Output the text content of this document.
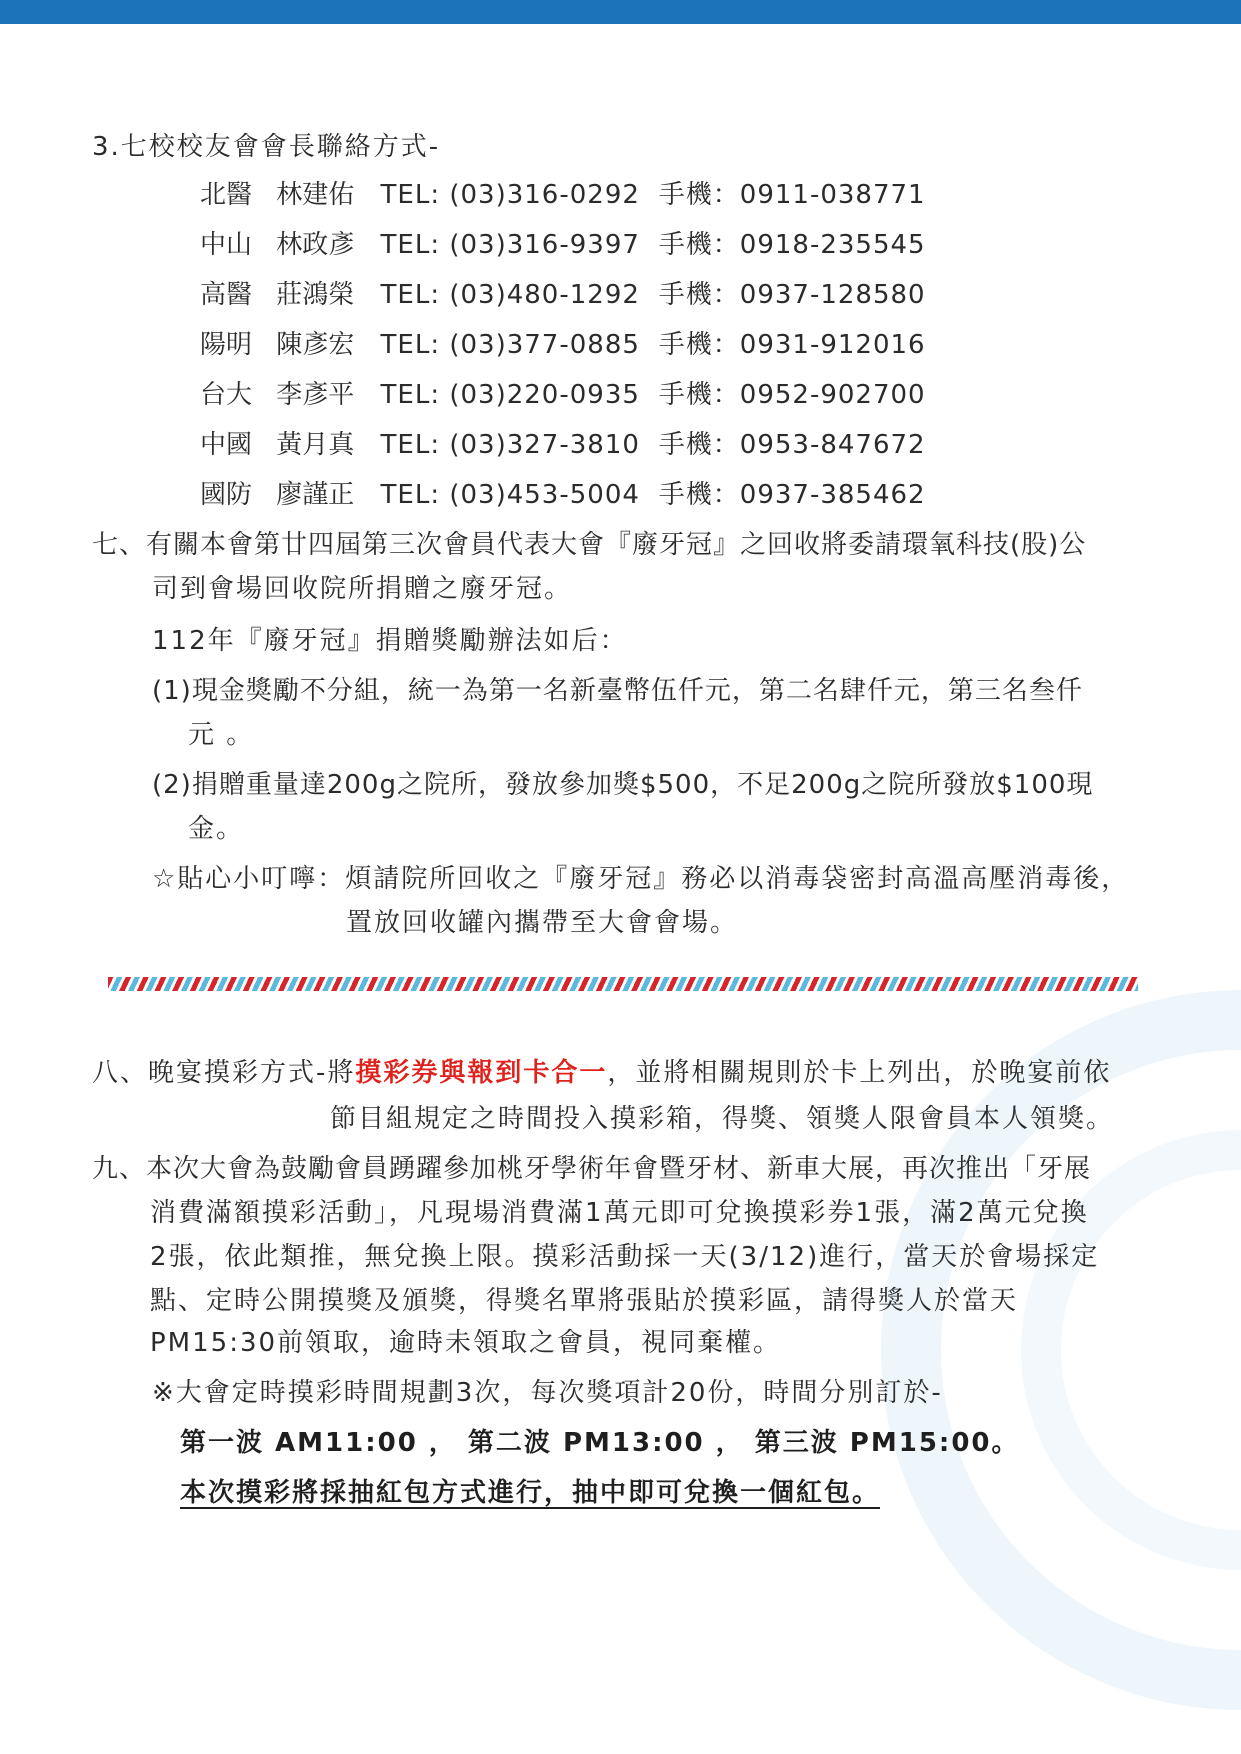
3.七校校友會會長聯絡方式-
北醫 林建佑 TEL: (03)316-0292 手機：0911-038771
中山 林政彥 TEL: (03)316-9397 手機：0918-235545
高醫 莊鴻榮 TEL: (03)480-1292 手機：0937-128580
陽明 陳彥宏 TEL: (03)377-0885 手機：0931-912016
台大 李彥平 TEL: (03)220-0935 手機：0952-902700
中國 黃月真 TEL: (03)327-3810 手機：0953-847672
國防 廖謹正 TEL: (03)453-5004 手機：0937-385462
七、有關本會第廿四屆第三次會員代表大會『廢牙冠』之回收將委請環氧科技(股)公
司到會場回收院所捐贈之廢牙冠。
112年『廢牙冠』捐贈獎勵辦法如后：
(1)現金獎勵不分組，統一為第一名新臺幣伍仟元，第二名肆仟元，第三名叁仟
元 。
(2)捐贈重量達200g之院所，發放參加獎$500，不足200g之院所發放$100現
金。
☆貼心小叮嚀：煩請院所回收之『廢牙冠』務必以消毒袋密封高溫高壓消毒後，
置放回收罐內攜帶至大會會場。
八、晚宴摸彩方式-將摸彩券與報到卡合一，並將相關規則於卡上列出，於晚宴前依
節目組規定之時間投入摸彩箱，得獎、領獎人限會員本人領獎。
九、本次大會為鼓勵會員踴躍參加桃牙學術年會暨牙材、新車大展，再次推出「牙展
消費滿額摸彩活動」，凡現場消費滿1萬元即可兌換摸彩券1張，滿2萬元兌換
2張，依此類推，無兌換上限。摸彩活動採一天(3/12)進行，當天於會場採定
點、定時公開摸獎及頒獎，得獎名單將張貼於摸彩區，請得獎人於當天
PM15:30前領取，逾時未領取之會員，視同棄權。
※大會定時摸彩時間規劃3次，每次獎項計20份，時間分別訂於-
第一波 AM11:00 ， 第二波 PM13:00 ， 第三波 PM15:00。
本次摸彩將採抽紅包方式進行，抽中即可兌換一個紅包。
